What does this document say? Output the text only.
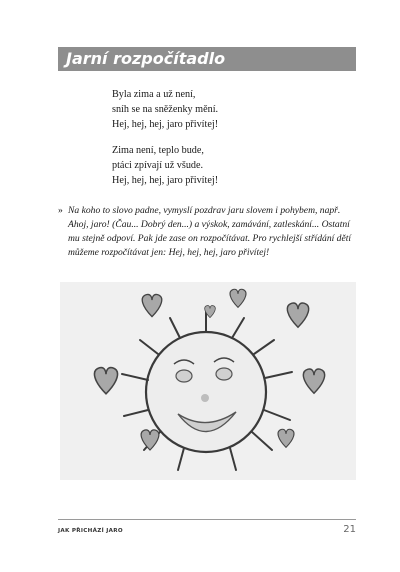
Jarní rozpočítadlo
Byla zima a už není,
sníh se na sněženky mění.
Hej, hej, hej, jaro přivítej!
Zima není, teplo bude,
ptáci zpívají už všude.
Hej, hej, hej, jaro přivítej!
» Na koho to slovo padne, vymyslí pozdrav jaru slovem i pohybem, např. Ahoj, jaro! (Čau... Dobrý den...) a výskok, zamávání, zatleskání... Ostatní mu stejně odpoví. Pak jde zase on rozpočítávat. Pro rychlejší střídání dětí můžeme rozpočítávat jen: Hej, hej, hej, jaro přivítej!
JAK PŘICHÁZÍ JARO	21
